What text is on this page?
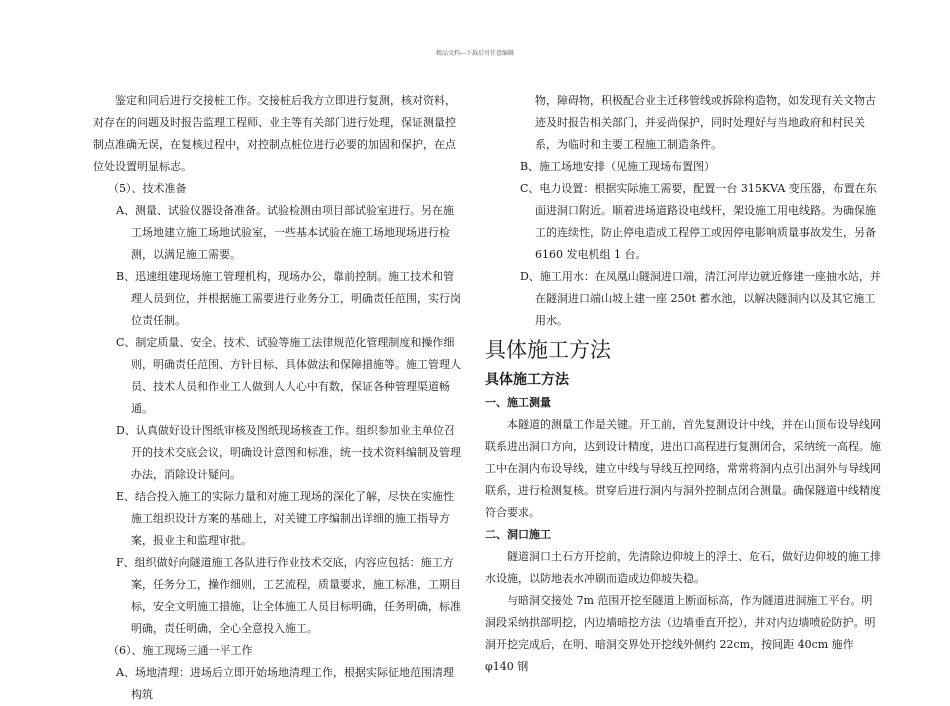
精品文档---下载后可任意编辑

鉴定和同后进行交接桩工作。交接桩后我方立即进行复测，核对资料，对存在的问题及时报告监理工程师、业主等有关部门进行处理，保证测量控制点准确无误，在复核过程中，对控制点桩位进行必要的加固和保护，在点位处设置明显标志。

（5）、技术准备

A、测量、试验仪器设备准备。试验检测由项目部试验室进行。另在施工场地建立施工场地试验室，一些基本试验在施工场地现场进行检测，以满足施工需要。

B、迅速组建现场施工管理机构，现场办公，靠前控制。施工技术和管理人员到位，并根据施工需要进行业务分工，明确责任范围，实行岗位责任制。

C、制定质量、安全、技术、试验等施工法律规范化管理制度和操作细则，明确责任范围、方针目标、具体做法和保障措施等。施工管理人员、技术人员和作业工人做到人人心中有数，保证各种管理渠道畅通。

D、认真做好设计图纸审核及图纸现场核查工作。组织参加业主单位召开的技术交底会议，明确设计意图和标准，统一技术资料编制及管理办法，消除设计疑问。

E、结合投入施工的实际力量和对施工现场的深化了解，尽快在实施性施工组织设计方案的基础上，对关键工序编制出详细的施工指导方案，报业主和监理审批。

F、组织做好向隧道施工各队进行作业技术交底，内容应包括：施工方案，任务分工，操作细则，工艺流程，质量要求，施工标准，工期目标，安全文明施工措施，让全体施工人员目标明确，任务明确，标准明确，责任明确，全心全意投入施工。

（6）、施工现场三通一平工作

A、场地清理：进场后立即开始场地清理工作，根据实际征地范围清理构筑

物，障碍物，积极配合业主迁移管线或拆除构造物，如发现有关文物古迹及时报告相关部门，并妥尚保护，同时处理好与当地政府和村民关系，为临时和主要工程施工制造条件。

B、施工场地安排（见施工现场布置图）

C、电力设置：根据实际施工需要，配置一台 315KVA 变压器，布置在东面进洞口附近。顺着进场道路设电线杆，架设施工用电线路。为确保施工的连续性，防止停电造成工程停工或因停电影响质量事故发生，另备 6160 发电机组 1 台。

D、施工用水：在凤凰山隧洞进口端，清江河岸边就近修建一座抽水站，并在隧洞进口端山坡上建一座 250t 蓄水池，以解决隧洞内以及其它施工用水。

具体施工方法
具体施工方法
一、施工测量

本隧道的测量工作是关键。开工前，首先复测设计中线，并在山顶布设导线网联系进出洞口方向，达到设计精度，进出口高程进行复测闭合，采纳统一高程。施工中在洞内布设导线，建立中线与导线互控网络，常常将洞内点引出洞外与导线网联系，进行检测复核。贯穿后进行洞内与洞外控制点闭合测量。确保隧道中线精度符合要求。

二、洞口施工

隧道洞口土石方开挖前，先清除边仰坡上的浮土、危石，做好边仰坡的施工排水设施，以防地表水冲刷而造成边仰坡失稳。

与暗洞交接处 7m 范围开挖至隧道上断面标高，作为隧道进洞施工平台。明洞段采纳拱部明挖，内边墙暗挖方法（边墙垂直开挖），并对内边墙喷砼防护。明洞开挖完成后，在明、暗洞交界处开挖线外侧约 22cm，按间距 40cm 施作 φ140 钢
